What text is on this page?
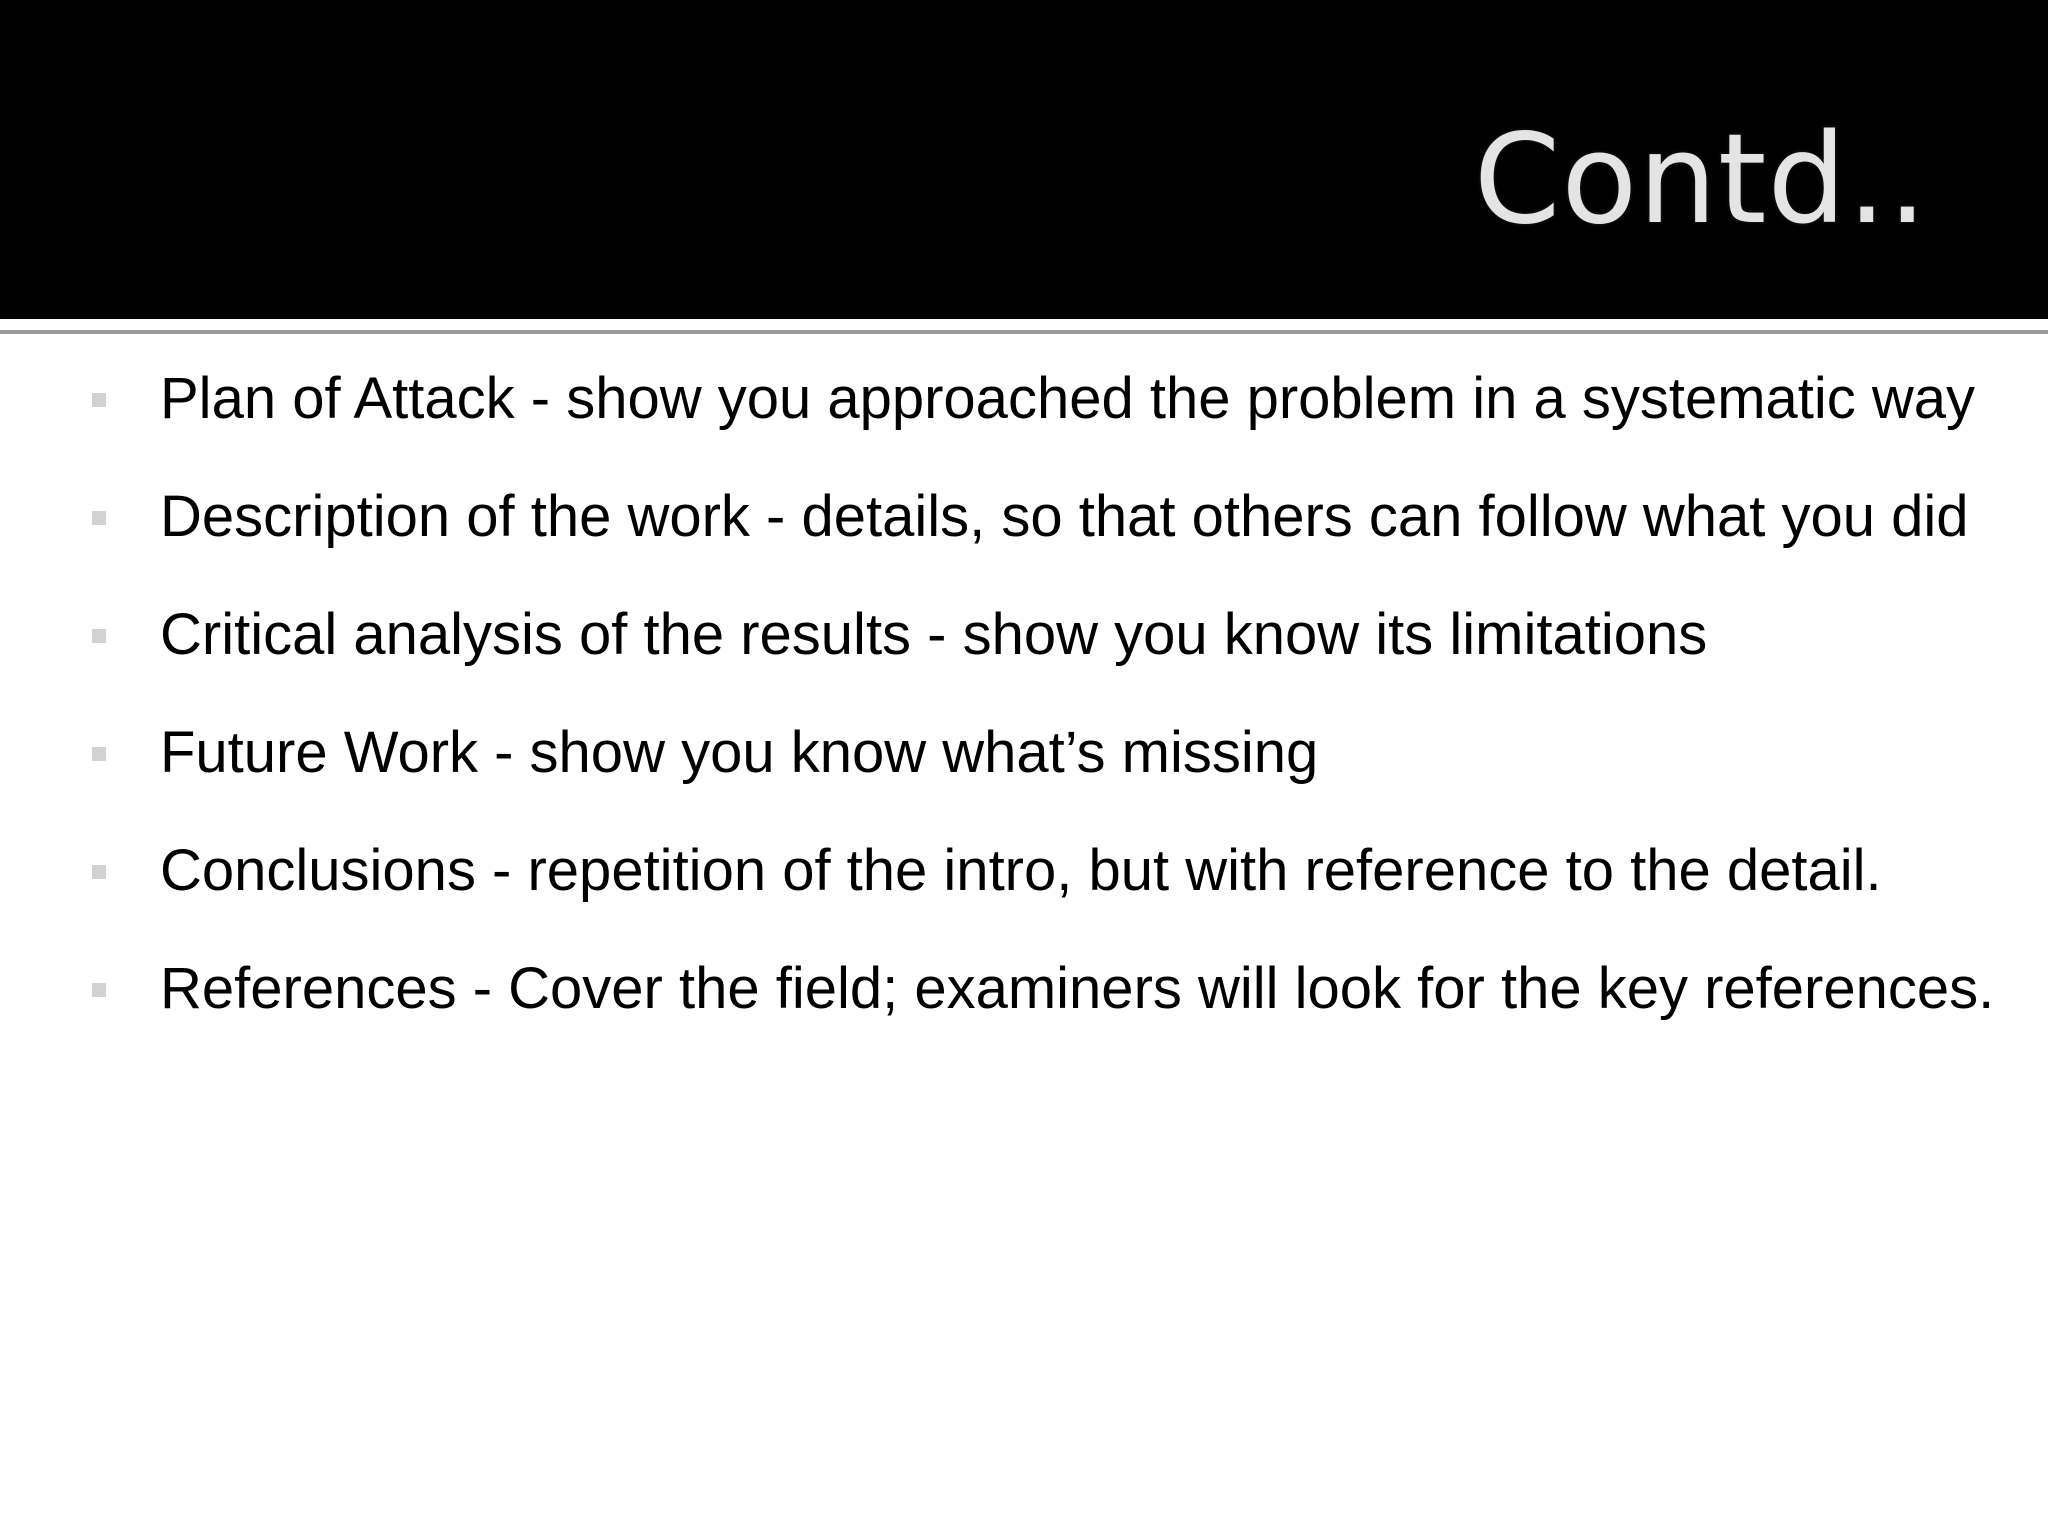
Contd..
Plan of Attack - show you approached the problem in a systematic way
Description of the work - details, so that others can follow what you did
Critical analysis of the results - show you know its limitations
Future Work - show you know what’s missing
Conclusions - repetition of the intro, but with reference to the detail.
References - Cover the field; examiners will look for the key references.
